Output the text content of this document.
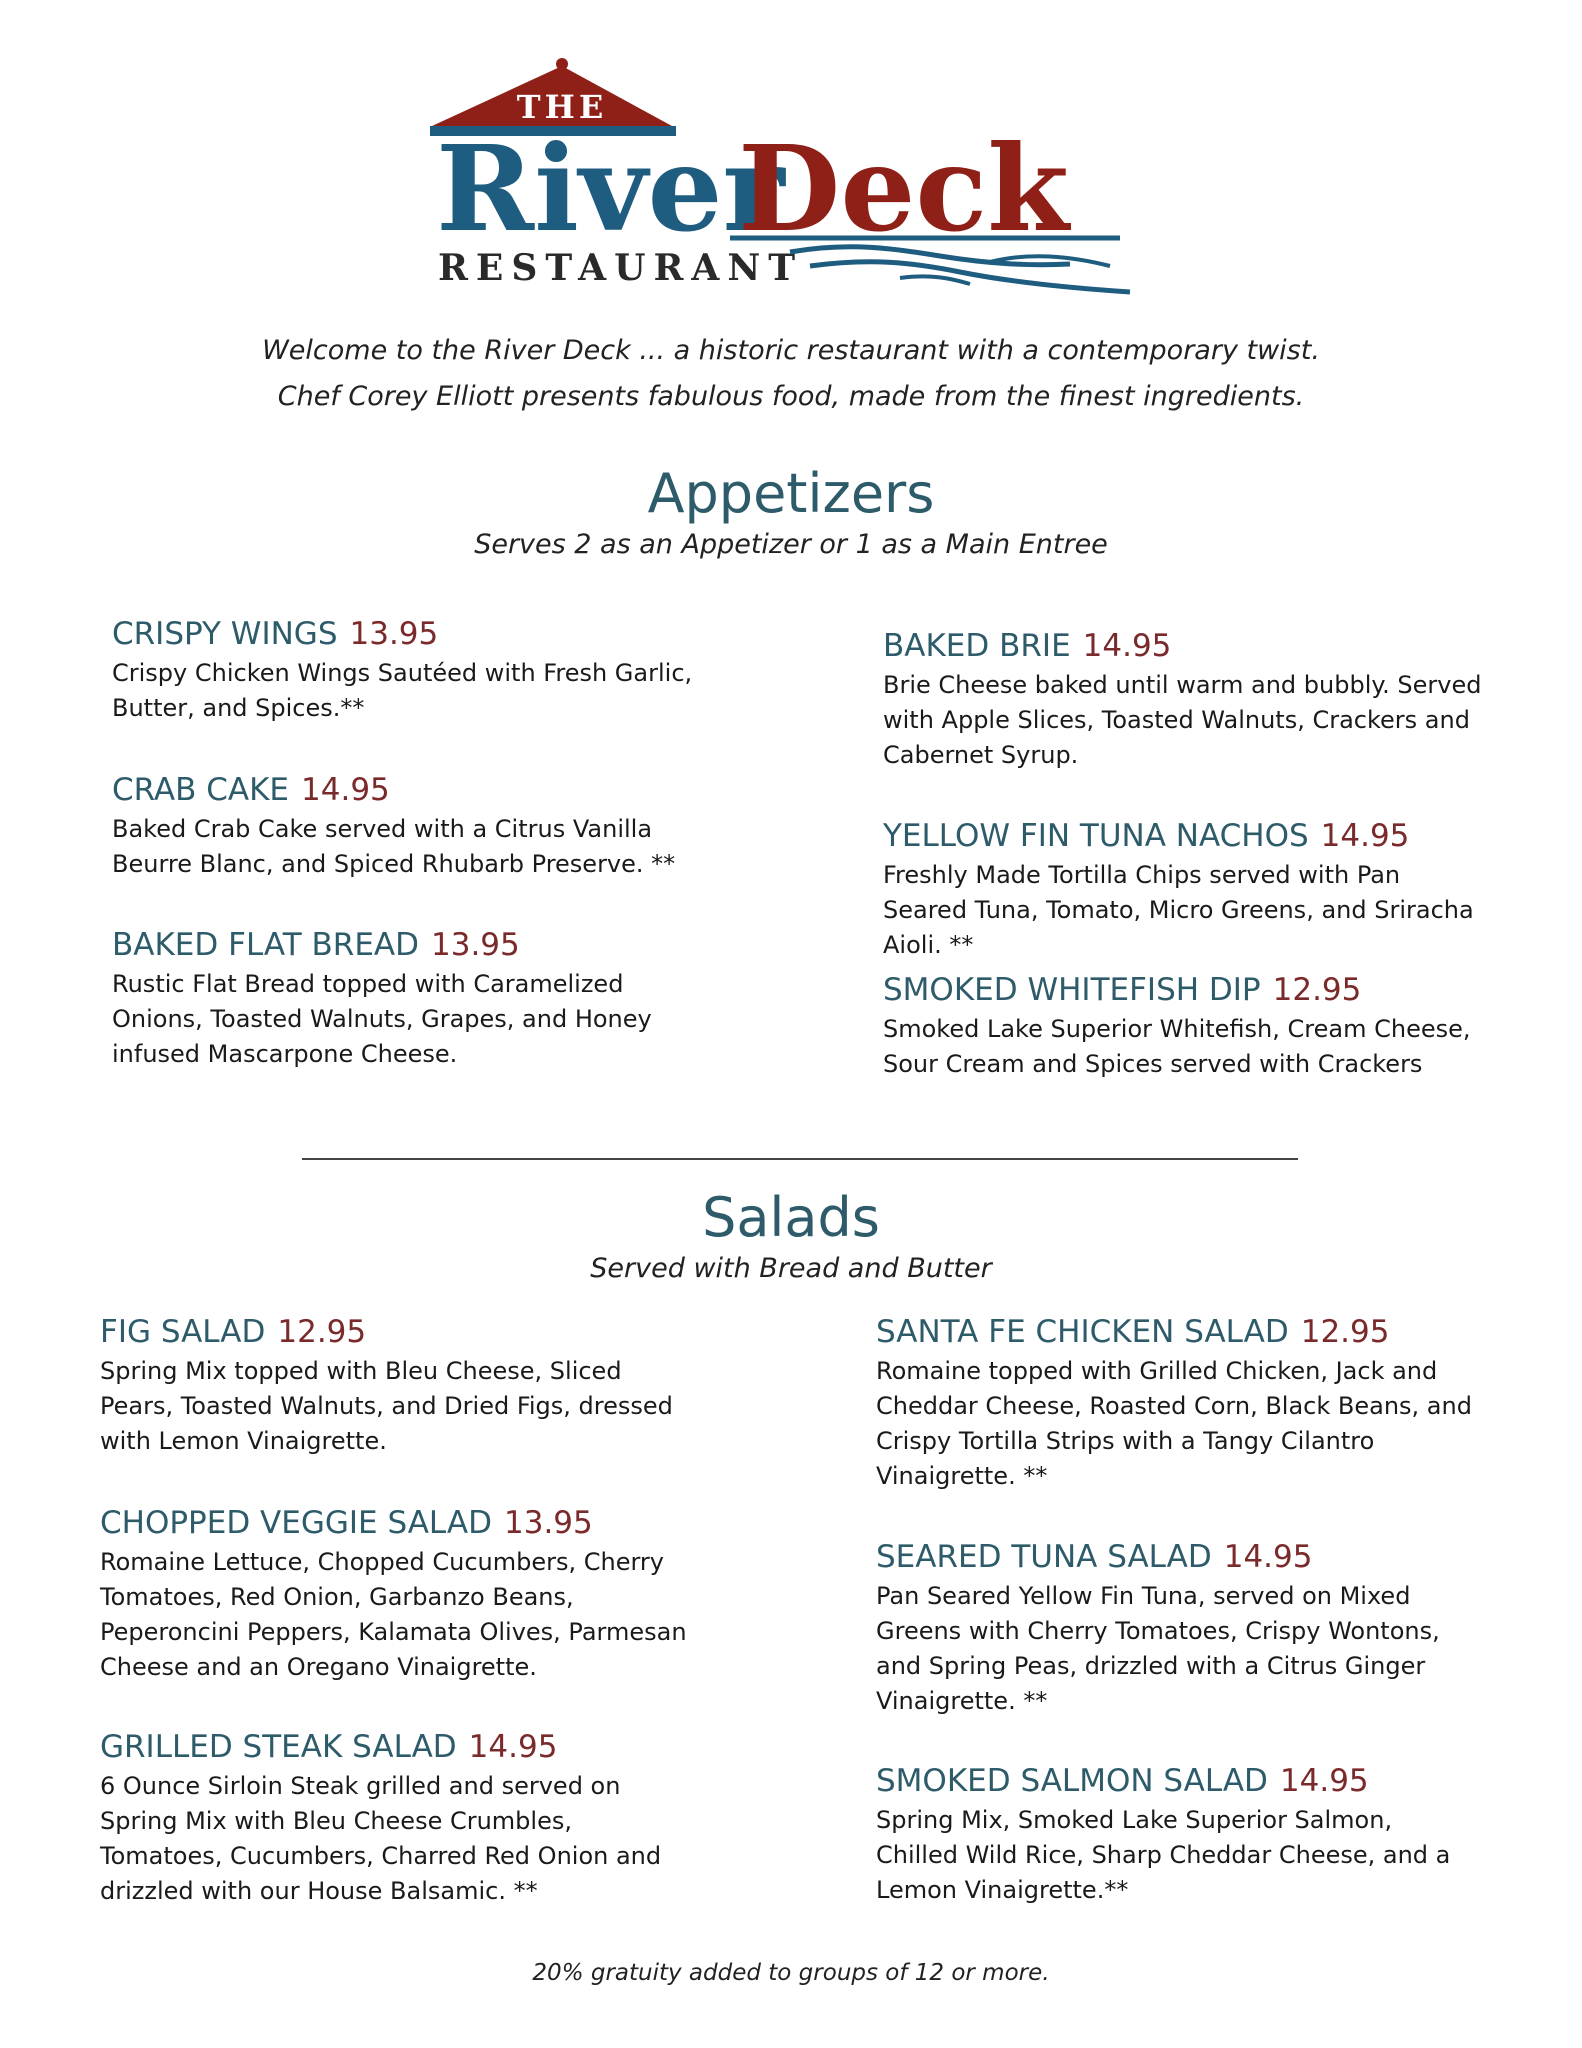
THE
River
Deck
RESTAURANT
Welcome to the River Deck ... a historic restaurant with a contemporary twist.
Chef Corey Elliott presents fabulous food, made from the finest ingredients.
Appetizers
Serves 2 as an Appetizer or 1 as a Main Entree
CRISPY WINGS 13.95
Crispy Chicken Wings Sautéed with Fresh Garlic, Butter, and Spices.**
CRAB CAKE 14.95
Baked Crab Cake served with a Citrus Vanilla Beurre Blanc, and Spiced Rhubarb Preserve. **
BAKED FLAT BREAD 13.95
Rustic Flat Bread topped with Caramelized Onions, Toasted Walnuts, Grapes, and Honey infused Mascarpone Cheese.
BAKED BRIE 14.95
Brie Cheese baked until warm and bubbly. Served with Apple Slices, Toasted Walnuts, Crackers and Cabernet Syrup.
YELLOW FIN TUNA NACHOS 14.95
Freshly Made Tortilla Chips served with Pan Seared Tuna, Tomato, Micro Greens, and Sriracha Aioli. **
SMOKED WHITEFISH DIP 12.95
Smoked Lake Superior Whitefish, Cream Cheese, Sour Cream and Spices served with Crackers
Salads
Served with Bread and Butter
FIG SALAD 12.95
Spring Mix topped with Bleu Cheese, Sliced Pears, Toasted Walnuts, and Dried Figs, dressed with Lemon Vinaigrette.
CHOPPED VEGGIE SALAD 13.95
Romaine Lettuce, Chopped Cucumbers, Cherry Tomatoes, Red Onion, Garbanzo Beans, Peperoncini Peppers, Kalamata Olives, Parmesan Cheese and an Oregano Vinaigrette.
GRILLED STEAK SALAD 14.95
6 Ounce Sirloin Steak grilled and served on Spring Mix with Bleu Cheese Crumbles, Tomatoes, Cucumbers, Charred Red Onion and drizzled with our House Balsamic. **
SANTA FE CHICKEN SALAD 12.95
Romaine topped with Grilled Chicken, Jack and Cheddar Cheese, Roasted Corn, Black Beans, and Crispy Tortilla Strips with a Tangy Cilantro Vinaigrette. **
SEARED TUNA SALAD 14.95
Pan Seared Yellow Fin Tuna, served on Mixed Greens with Cherry Tomatoes, Crispy Wontons, and Spring Peas, drizzled with a Citrus Ginger Vinaigrette. **
SMOKED SALMON SALAD 14.95
Spring Mix, Smoked Lake Superior Salmon, Chilled Wild Rice, Sharp Cheddar Cheese, and a Lemon Vinaigrette.**
20% gratuity added to groups of 12 or more.
